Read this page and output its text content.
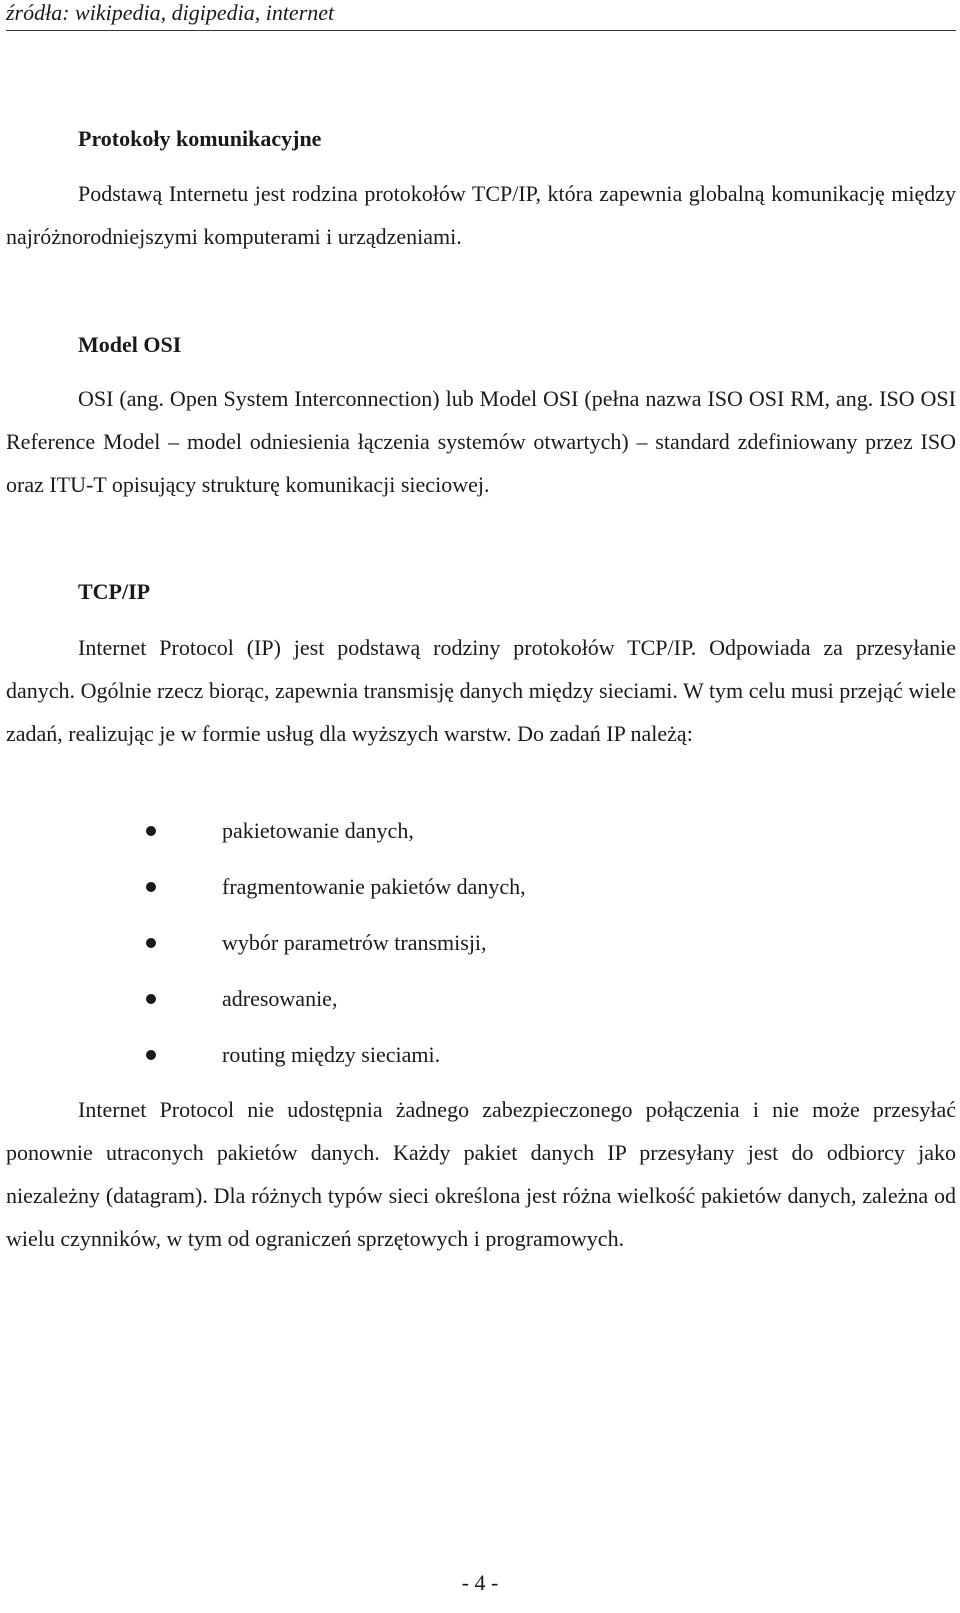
źródła: wikipedia, digipedia, internet
Protokoły komunikacyjne

Podstawą Internetu jest rodzina protokołów TCP/IP, która zapewnia globalną komunikację między najróżnorodniejszymi komputerami i urządzeniami.

Model OSI

OSI (ang. Open System Interconnection) lub Model OSI (pełna nazwa ISO OSI RM, ang. ISO OSI Reference Model – model odniesienia łączenia systemów otwartych) – standard zdefiniowany przez ISO oraz ITU-T opisujący strukturę komunikacji sieciowej.

TCP/IP

Internet Protocol (IP) jest podstawą rodziny protokołów TCP/IP. Odpowiada za przesyłanie danych. Ogólnie rzecz biorąc, zapewnia transmisję danych między sieciami. W tym celu musi przejąć wiele zadań, realizując je w formie usług dla wyższych warstw. Do zadań IP należą:

pakietowanie danych,
fragmentowanie pakietów danych,
wybór parametrów transmisji,
adresowanie,
routing między sieciami.

Internet Protocol nie udostępnia żadnego zabezpieczonego połączenia i nie może przesyłać ponownie utraconych pakietów danych. Każdy pakiet danych IP przesyłany jest do odbiorcy jako niezależny (datagram). Dla różnych typów sieci określona jest różna wielkość pakietów danych, zależna od wielu czynników, w tym od ograniczeń sprzętowych i programowych.

- 4 -
